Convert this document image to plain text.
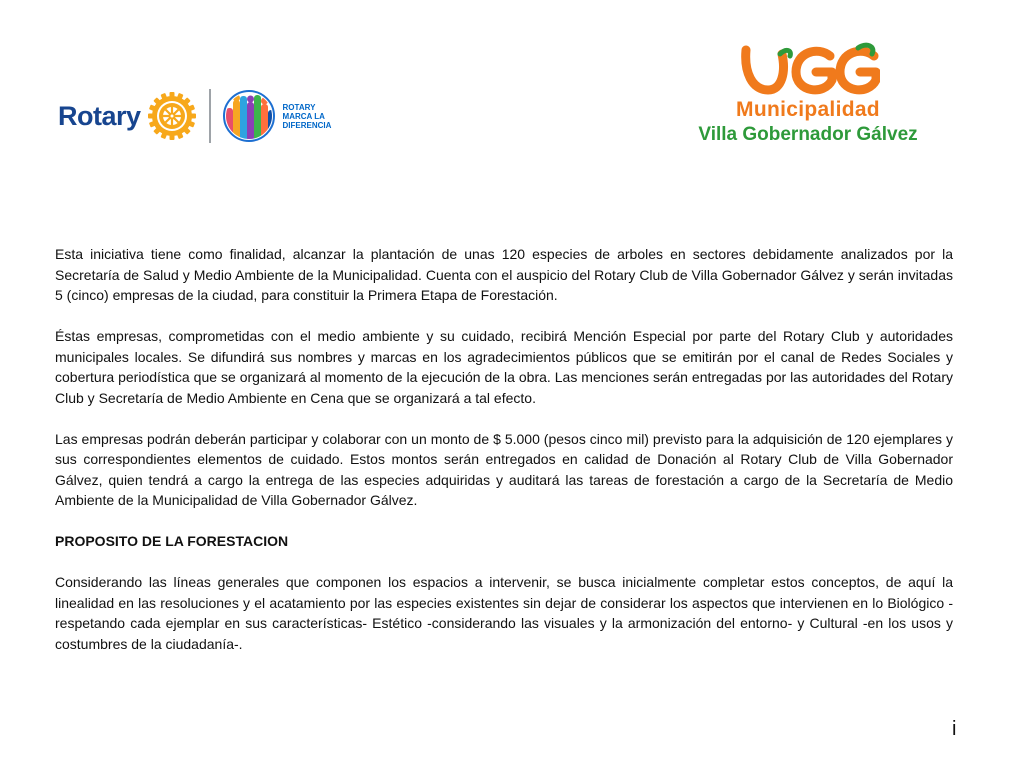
Rotary	ROTARY
MARCA LA
DIFERENCIA
Municipalidad
Villa Gobernador Gálvez

Esta iniciativa tiene como finalidad, alcanzar la plantación de unas 120 especies de arboles en sectores debidamente analizados por la Secretaría de Salud y Medio Ambiente de la Municipalidad. Cuenta con el auspicio del Rotary Club de Villa Gobernador Gálvez y serán invitadas 5 (cinco) empresas de la ciudad, para constituir la Primera Etapa de Forestación.

Éstas empresas, comprometidas con el medio ambiente y su cuidado, recibirá Mención Especial por parte del Rotary Club y autoridades municipales locales. Se difundirá sus nombres y marcas en los agradecimientos públicos que se emitirán por el canal de Redes Sociales y cobertura periodística que se organizará al momento de la ejecución de la obra. Las menciones serán entregadas por las autoridades del Rotary Club y Secretaría de Medio Ambiente en Cena que se organizará a tal efecto.

Las empresas podrán deberán participar y colaborar con un monto de $ 5.000 (pesos cinco mil) previsto para la adquisición de 120 ejemplares y sus correspondientes elementos de cuidado. Estos montos serán entregados en calidad de Donación al Rotary Club de Villa Gobernador Gálvez, quien tendrá a cargo la entrega de las especies adquiridas y auditará las tareas de forestación a cargo de la Secretaría de Medio Ambiente de la Municipalidad de Villa Gobernador Gálvez.

PROPOSITO DE LA FORESTACION

Considerando las líneas generales que componen los espacios a intervenir, se busca inicialmente completar estos conceptos, de aquí la linealidad en las resoluciones y el acatamiento por las especies existentes sin dejar de considerar los aspectos que intervienen en lo Biológico -respetando cada ejemplar en sus características- Estético -considerando las visuales y la armonización del entorno- y Cultural -en los usos y costumbres de la ciudadanía-.

i
